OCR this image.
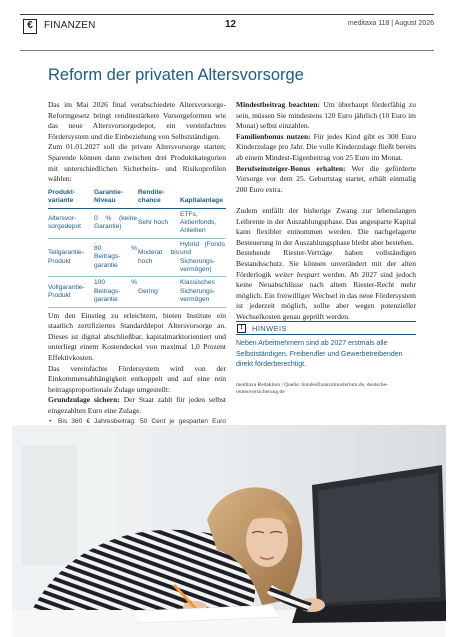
€	FINANZEN	12	meditaxa 118 | August 2026
Reform der privaten Altersvorsorge

Das im Mai 2026 final verabschiedete Altersvorsorge-Reformgesetz bringt renditestärkere Vorsorgeformen wie das neue Altersvorsorgedepot, ein vereinfachtes Fördersystem und die Einbeziehung von Selbstständigen.

Zum 01.01.2027 soll die private Altersvorsorge starten; Sparende können dann zwischen drei Produktkategorien mit unterschiedlichen Sicherheits- und Risikoprofilen wählen:

Produkt-variante	Garantie-Niveau	Rendite-chance	Kapitalanlage
Altersvor-sorgedepot	0 % (keine Garantie)	Sehr hoch	ETFs, Aktienfonds, Anleihen
Teilgarantie-Produkt	80 % Beitrags-garantie	Moderat bis hoch	Hybrid (Fonds und Sicherungs-vermögen)
Vollgarantie-Produkt	100 % Beitrags-garantie	Gering	Klassisches Sicherungs-vermögen

Um den Einstieg zu erleichtern, bieten Institute ein staatlich zertifiziertes Standarddepot Altersvorsorge an. Dieses ist digital abschließbar, kapitalmarktorientiert und unterliegt einem Kostendeckel von maximal 1,0 Prozent Effektivkosten.

Das vereinfachte Fördersystem wird von der Einkommensabhängigkeit entkoppelt und auf eine rein beitragsproportionale Zulage umgestellt:

Grundzulage sichern: Der Staat zahlt für jeden selbst eingezahlten Euro eine Zulage.

• Bis 360 € Jahresbeitrag: 50 Cent je gesparten Euro
•
•

Mindestbeitrag beachten: Um überhaupt förderfähig zu sein, müssen Sie mindestens 120 Euro jährlich (10 Euro im Monat) selbst einzahlen.

Familienbonus nutzen: Für jedes Kind gibt es 300 Euro Kinderzulage pro Jahr. Die volle Kinderzulage fließt bereits ab einem Mindest-Eigenbeitrag von 25 Euro im Monat.

Berufseinsteiger-Bonus erhalten: Wer die geförderte Vorsorge vor dem 25. Geburtstag startet, erhält einmalig 200 Euro extra.

Zudem entfällt der bisherige Zwang zur lebenslangen Leibrente in der Auszahlungsphase. Das angesparte Kapital kann flexibler entnommen werden. Die nachgelagerte Besteuerung in der Auszahlungsphase bleibt aber bestehen.

Bestehende Riester-Verträge haben vollständigen Bestandsschutz. Sie können unverändert mit der alten Förderlogik weiter bespart werden. Ab 2027 sind jedoch keine Neuabschlüsse nach altem Riester-Recht mehr möglich. Ein freiwilliger Wechsel in das neue Fördersystem ist jederzeit möglich, sollte aber wegen potenzieller Wechselkosten genau geprüft werden.

!	HINWEIS
Neben Arbeitnehmern sind ab 2027 erstmals alle Selbstständigen, Freiberufler und Gewerbetreibenden direkt förderberechtigt.
meditaxa Redaktion | Quelle: bundesfinanzministerium.de, deutsche-rentenversicherung.de
